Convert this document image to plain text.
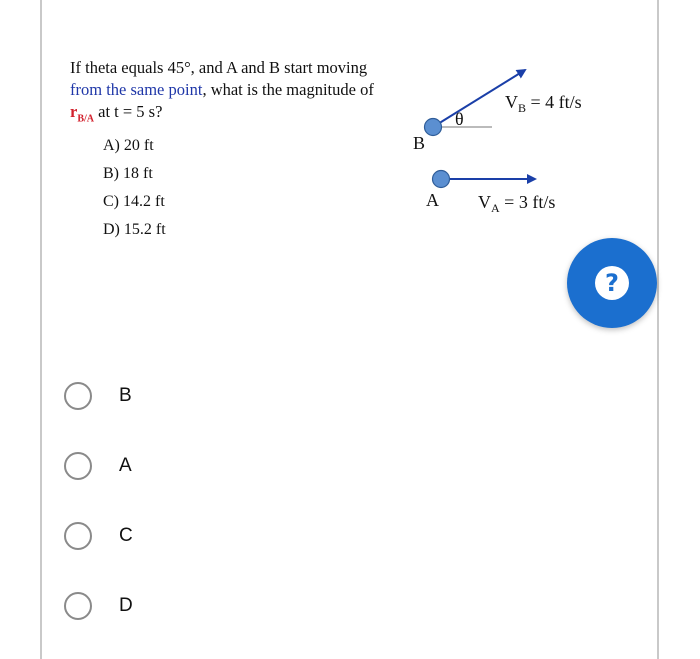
If theta equals 45°, and A and B start moving from the same point, what is the magnitude of $r_{B/A}$ at t = 5 s?
A) 20 ft
B) 18 ft
C) 14.2 ft
D) 15.2 ft
B
θ
$V_B = 4$ ft/s
A $V_A = 3$ ft/s
?
B
A
C
D
